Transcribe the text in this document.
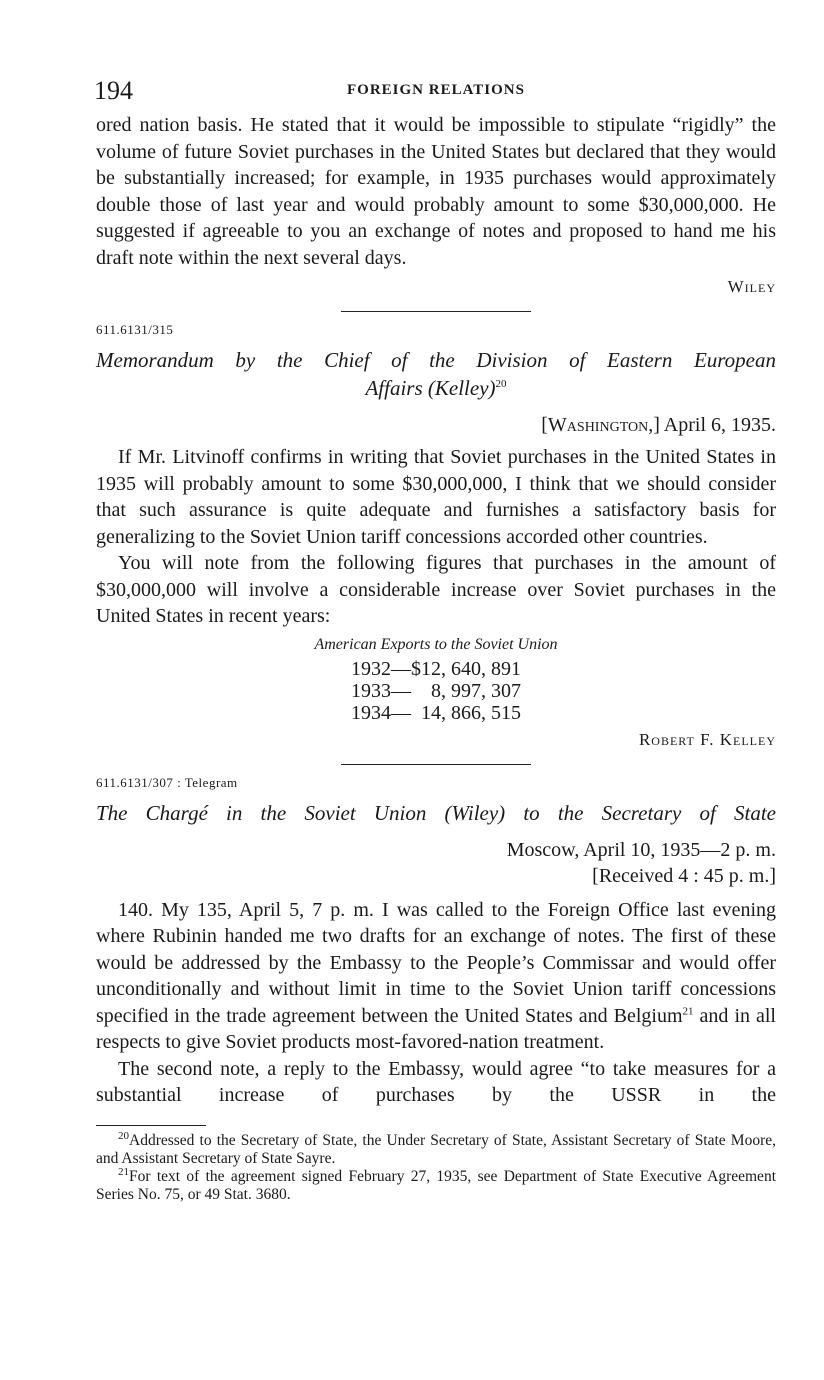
194	FOREIGN RELATIONS

ored nation basis. He stated that it would be impossible to stipulate “rigidly” the volume of future Soviet purchases in the United States but declared that they would be substantially increased; for example, in 1935 purchases would approximately double those of last year and would probably amount to some $30,000,000. He suggested if agreeable to you an exchange of notes and proposed to hand me his draft note within the next several days.

Wiley
611.6131/315
Memorandum by the Chief of the Division of Eastern European
Affairs (Kelley)$^{20}$
[Washington,] April 6, 1935.

If Mr. Litvinoff confirms in writing that Soviet purchases in the United States in 1935 will probably amount to some $30,000,000, I think that we should consider that such assurance is quite adequate and furnishes a satisfactory basis for generalizing to the Soviet Union tariff concessions accorded other countries.

You will note from the following figures that purchases in the amount of $30,000,000 will involve a considerable increase over Soviet purchases in the United States in recent years:

American Exports to the Soviet Union
1932—	$12, 640, 891
1933—	8, 997, 307
1934—	14, 866, 515
Robert F. Kelley
611.6131/307 : Telegram
The Chargé in the Soviet Union (Wiley) to the Secretary of State
Moscow, April 10, 1935—2 p. m.
[Received 4 : 45 p. m.]

140. My 135, April 5, 7 p. m. I was called to the Foreign Office last evening where Rubinin handed me two drafts for an exchange of notes. The first of these would be addressed by the Embassy to the People’s Commissar and would offer unconditionally and without limit in time to the Soviet Union tariff concessions specified in the trade agreement between the United States and Belgium$^{21}$ and in all respects to give Soviet products most-favored-nation treatment.

The second note, a reply to the Embassy, would agree “to take measures for a substantial increase of purchases by the USSR in the

$^{20}$Addressed to the Secretary of State, the Under Secretary of State, Assistant Secretary of State Moore, and Assistant Secretary of State Sayre.
$^{21}$For text of the agreement signed February 27, 1935, see Department of State Executive Agreement Series No. 75, or 49 Stat. 3680.
